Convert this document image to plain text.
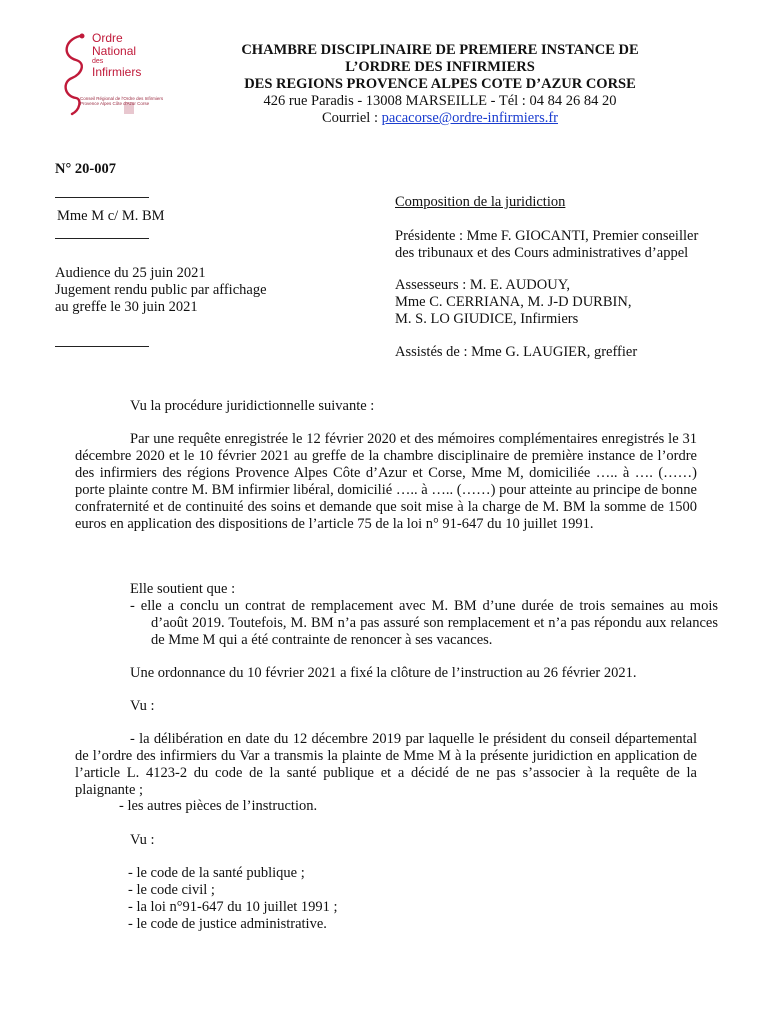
Ordre
National
des
Infirmiers
Conseil Régional de l'Ordre des Infirmiers
Provence Alpes Côte d'Azur Corse
CHAMBRE DISCIPLINAIRE DE PREMIERE INSTANCE DE
L’ORDRE DES INFIRMIERS
DES REGIONS PROVENCE ALPES COTE D’AZUR CORSE
426 rue Paradis - 13008 MARSEILLE - Tél : 04 84 26 84 20
Courriel : pacacorse@ordre-infirmiers.fr
N° 20-007
Mme M c/ M. BM
Audience du 25 juin 2021
Jugement rendu public par affichage
au greffe le 30 juin 2021
Composition de la juridiction
Présidente : Mme F. GIOCANTI, Premier conseiller
des tribunaux et des Cours administratives d’appel
Assesseurs : M. E. AUDOUY,
Mme C. CERRIANA, M. J-D DURBIN,
M. S. LO GIUDICE, Infirmiers
Assistés de : Mme G. LAUGIER, greffier
Vu la procédure juridictionnelle suivante :
Par une requête enregistrée le 12 février 2020 et des mémoires complémentaires enregistrés le 31 décembre 2020 et le 10 février 2021 au greffe de la chambre disciplinaire de première instance de l’ordre des infirmiers des régions Provence Alpes Côte d’Azur et Corse, Mme M, domiciliée ….. à …. (……) porte plainte contre M. BM infirmier libéral, domicilié ….. à ….. (……) pour atteinte au principe de bonne confraternité et de continuité des soins et demande que soit mise à la charge de M. BM la somme de 1500 euros en application des dispositions de l’article 75 de la loi n° 91-647 du 10 juillet 1991.
Elle soutient que :
- elle a conclu un contrat de remplacement avec M. BM d’une durée de trois semaines au mois d’août 2019. Toutefois, M. BM n’a pas assuré son remplacement et n’a pas répondu aux relances de Mme M qui a été contrainte de renoncer à ses vacances.
Une ordonnance du 10 février 2021 a fixé la clôture de l’instruction au 26 février 2021.
Vu :
- la délibération en date du 12 décembre 2019 par laquelle le président du conseil départemental de l’ordre des infirmiers du Var a transmis la plainte de Mme M à la présente juridiction en application de l’article L. 4123-2 du code de la santé publique et a décidé de ne pas s’associer à la requête de la plaignante ;
- les autres pièces de l’instruction.
Vu :
- le code de la santé publique ;
- le code civil ;
- la loi n°91-647 du 10 juillet 1991 ;
- le code de justice administrative.
